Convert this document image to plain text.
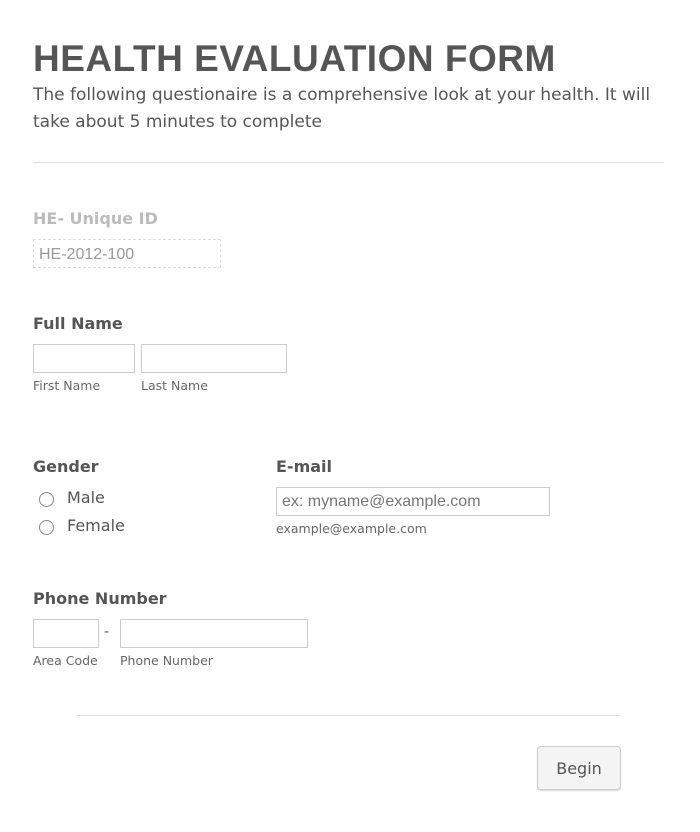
HEALTH EVALUATION FORM
The following questionaire is a comprehensive look at your health. It will take about 5 minutes to complete
HE- Unique ID
HE-2012-100
Full Name
First Name	Last Name
Gender
Male
Female
E-mail
ex: myname@example.com
example@example.com
Phone Number
-
Area Code Phone Number
Begin
